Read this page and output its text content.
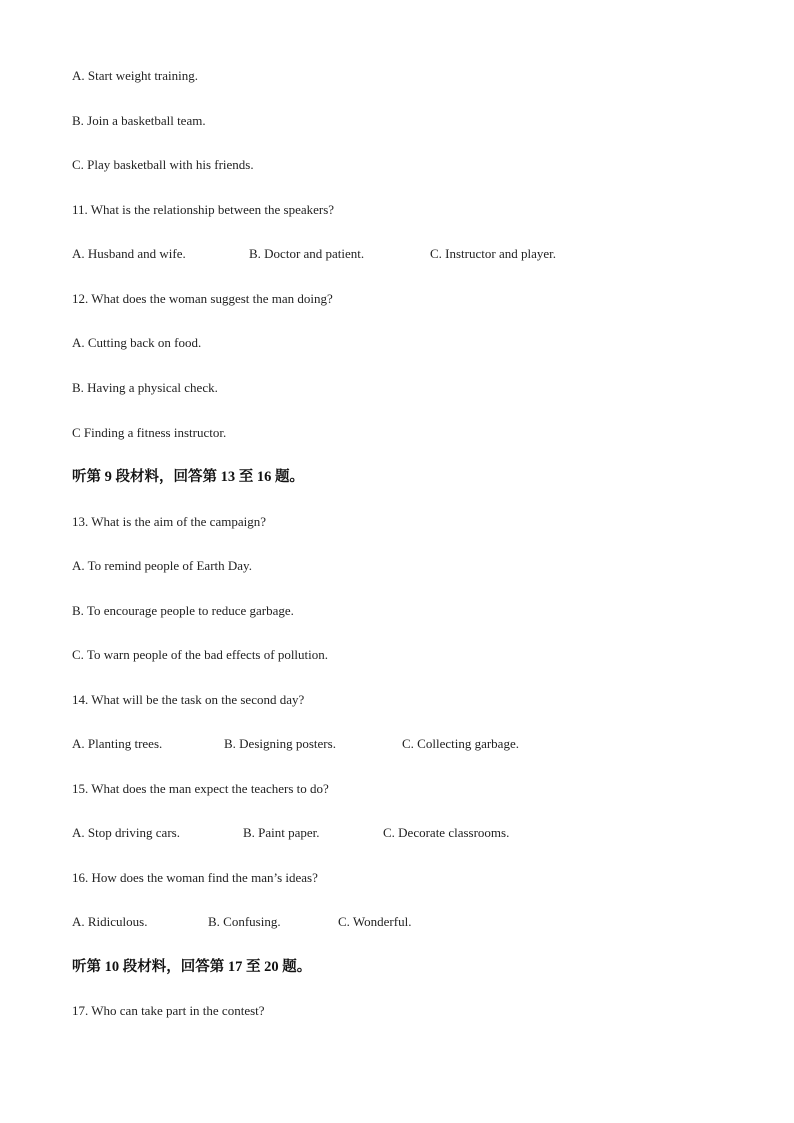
A. Start weight training.
B. Join a basketball team.
C. Play basketball with his friends.
11. What is the relationship between the speakers?
A. Husband and wife.	B. Doctor and patient.	C. Instructor and player.
12. What does the woman suggest the man doing?
A. Cutting back on food.
B. Having a physical check.
C Finding a fitness instructor.
听第 9 段材料，回答第 13 至 16 题。
13. What is the aim of the campaign?
A. To remind people of Earth Day.
B. To encourage people to reduce garbage.
C. To warn people of the bad effects of pollution.
14. What will be the task on the second day?
A. Planting trees.	B. Designing posters.	C. Collecting garbage.
15. What does the man expect the teachers to do?
A. Stop driving cars.	B. Paint paper.	C. Decorate classrooms.
16. How does the woman find the man’s ideas?
A. Ridiculous.	B. Confusing.	C. Wonderful.
听第 10 段材料，回答第 17 至 20 题。
17. Who can take part in the contest?
